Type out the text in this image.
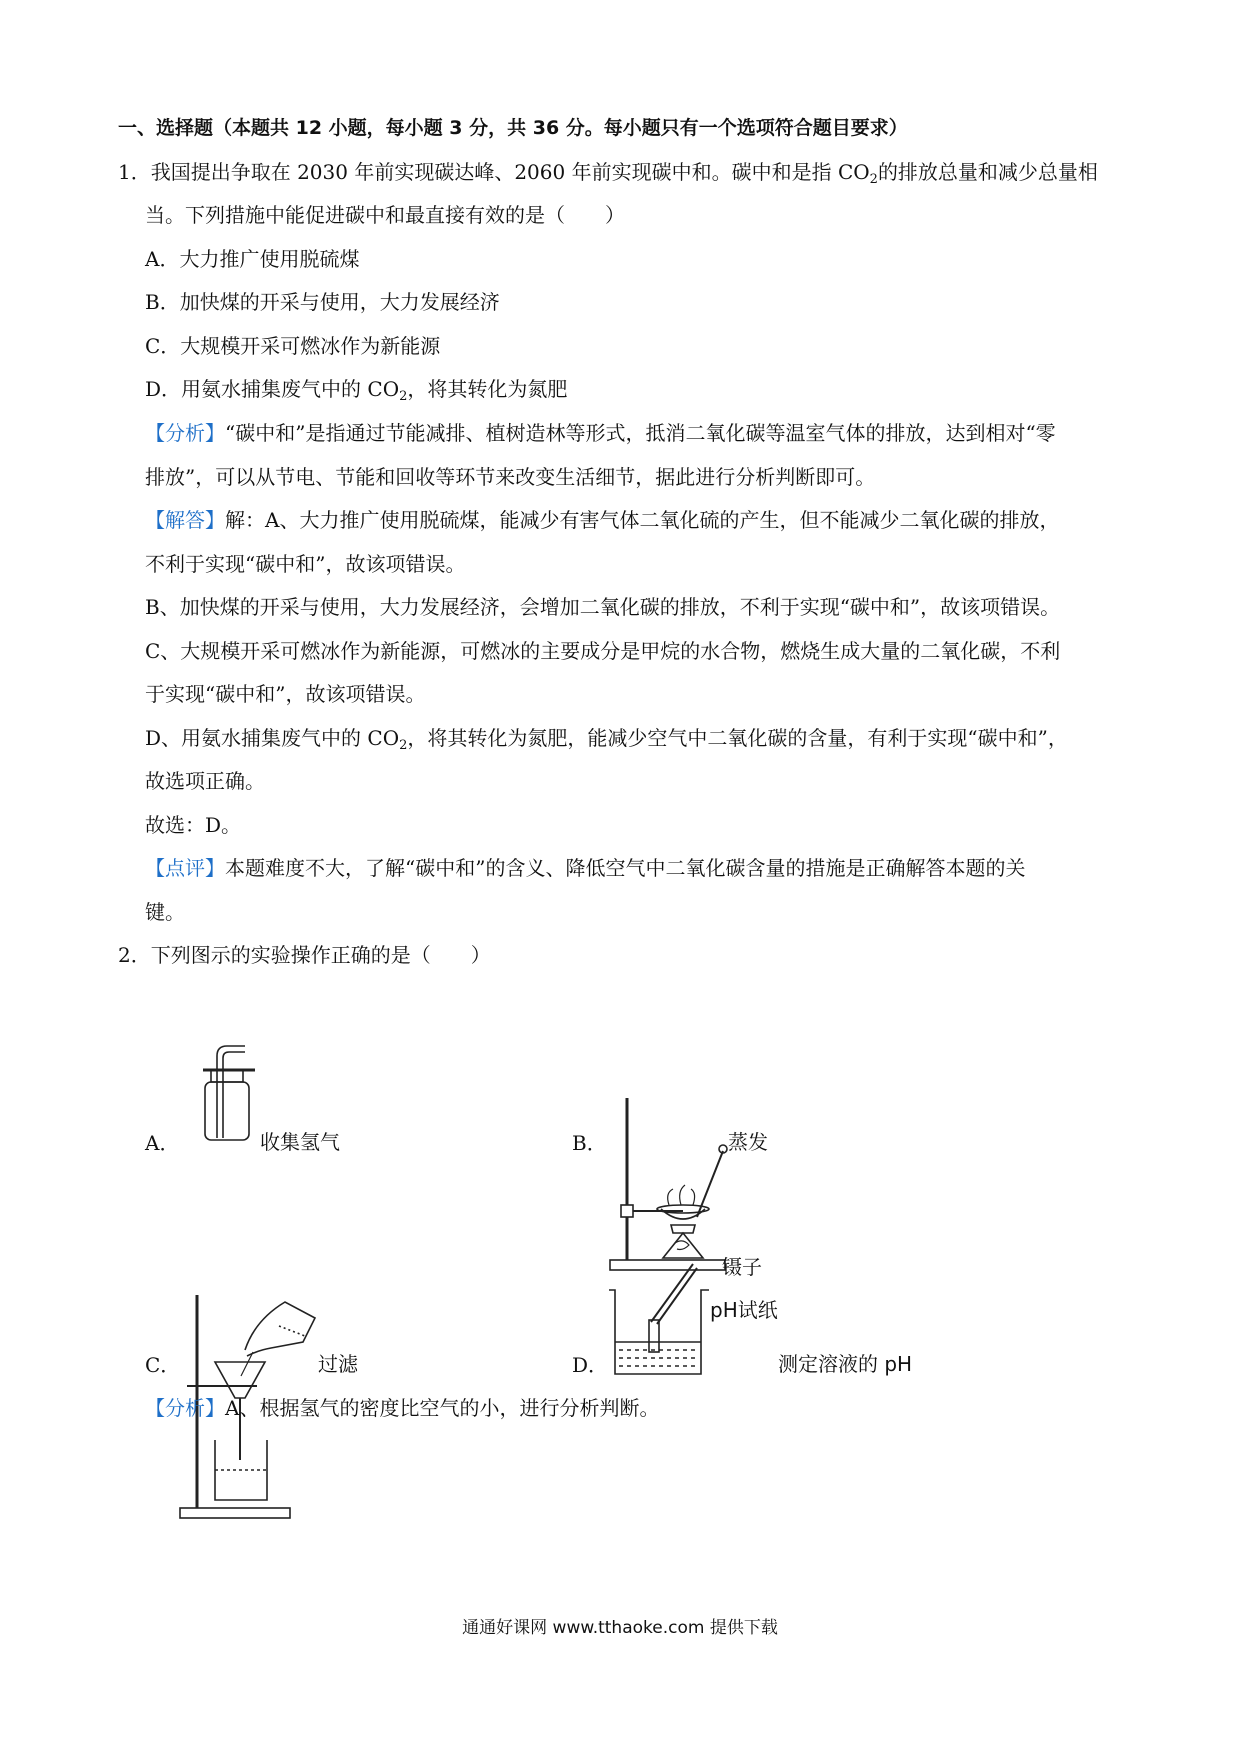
一、选择题（本题共 12 小题，每小题 3 分，共 36 分。每小题只有一个选项符合题目要求）
1．我国提出争取在 2030 年前实现碳达峰、2060 年前实现碳中和。碳中和是指 $CO_2$的排放总量和减少总量相
当。下列措施中能促进碳中和最直接有效的是（　　）
A．大力推广使用脱硫煤
B．加快煤的开采与使用，大力发展经济
C．大规模开采可燃冰作为新能源
D．用氨水捕集废气中的 $CO_2$，将其转化为氮肥
【分析】“碳中和”是指通过节能减排、植树造林等形式，抵消二氧化碳等温室气体的排放，达到相对“零
排放”，可以从节电、节能和回收等环节来改变生活细节，据此进行分析判断即可。
【解答】解：A、大力推广使用脱硫煤，能减少有害气体二氧化硫的产生，但不能减少二氧化碳的排放，
不利于实现“碳中和”，故该项错误。
B、加快煤的开采与使用，大力发展经济，会增加二氧化碳的排放，不利于实现“碳中和”，故该项错误。
C、大规模开采可燃冰作为新能源，可燃冰的主要成分是甲烷的水合物，燃烧生成大量的二氧化碳，不利
于实现“碳中和”，故该项错误。
D、用氨水捕集废气中的 $CO_2$，将其转化为氮肥，能减少空气中二氧化碳的含量，有利于实现“碳中和”，
故选项正确。
故选：D。
【点评】本题难度不大，了解“碳中和”的含义、降低空气中二氧化碳含量的措施是正确解答本题的关
键。
2．下列图示的实验操作正确的是（　　）
A．	收集氢气	B．	蒸发
C．	过滤
镊子
pH试纸
D．	测定溶液的 pH
【分析】A、根据氢气的密度比空气的小，进行分析判断。
通通好课网 www.tthaoke.com 提供下载
